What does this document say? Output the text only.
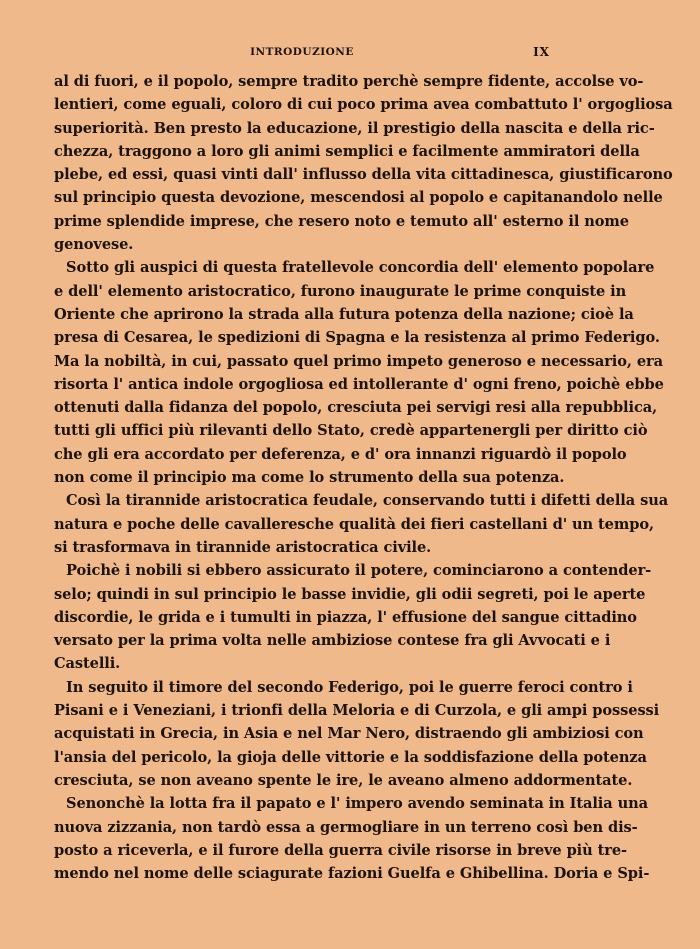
INTRODUZIONE	IX
al di fuori, e il popolo, sempre tradito perchè sempre fidente, accolse vo-
lentieri, come eguali, coloro di cui poco prima avea combattuto l' orgogliosa
superiorità. Ben presto la educazione, il prestigio della nascita e della ric-
chezza, traggono a loro gli animi semplici e facilmente ammiratori della
plebe, ed essi, quasi vinti dall' influsso della vita cittadinesca, giustificarono
sul principio questa devozione, mescendosi al popolo e capitanandolo nelle
prime splendide imprese, che resero noto e temuto all' esterno il nome
genovese.
Sotto gli auspici di questa fratellevole concordia dell' elemento popolare
e dell' elemento aristocratico, furono inaugurate le prime conquiste in
Oriente che aprirono la strada alla futura potenza della nazione; cioè la
presa di Cesarea, le spedizioni di Spagna e la resistenza al primo Federigo.
Ma la nobiltà, in cui, passato quel primo impeto generoso e necessario, era
risorta l' antica indole orgogliosa ed intollerante d' ogni freno, poichè ebbe
ottenuti dalla fidanza del popolo, cresciuta pei servigi resi alla repubblica,
tutti gli uffici più rilevanti dello Stato, credè appartenergli per diritto ciò
che gli era accordato per deferenza, e d' ora innanzi riguardò il popolo
non come il principio ma come lo strumento della sua potenza.
Così la tirannide aristocratica feudale, conservando tutti i difetti della sua
natura e poche delle cavalleresche qualità dei fieri castellani d' un tempo,
si trasformava in tirannide aristocratica civile.
Poichè i nobili si ebbero assicurato il potere, cominciarono a contender-
selo; quindi in sul principio le basse invidie, gli odii segreti, poi le aperte
discordie, le grida e i tumulti in piazza, l' effusione del sangue cittadino
versato per la prima volta nelle ambiziose contese fra gli Avvocati e i
Castelli.
In seguito il timore del secondo Federigo, poi le guerre feroci contro i
Pisani e i Veneziani, i trionfi della Meloria e di Curzola, e gli ampi possessi
acquistati in Grecia, in Asia e nel Mar Nero, distraendo gli ambiziosi con
l'ansia del pericolo, la gioja delle vittorie e la soddisfazione della potenza
cresciuta, se non aveano spente le ire, le aveano almeno addormentate.
Senonchè la lotta fra il papato e l' impero avendo seminata in Italia una
nuova zizzania, non tardò essa a germogliare in un terreno così ben dis-
posto a riceverla, e il furore della guerra civile risorse in breve più tre-
mendo nel nome delle sciagurate fazioni Guelfa e Ghibellina. Doria e Spi-
